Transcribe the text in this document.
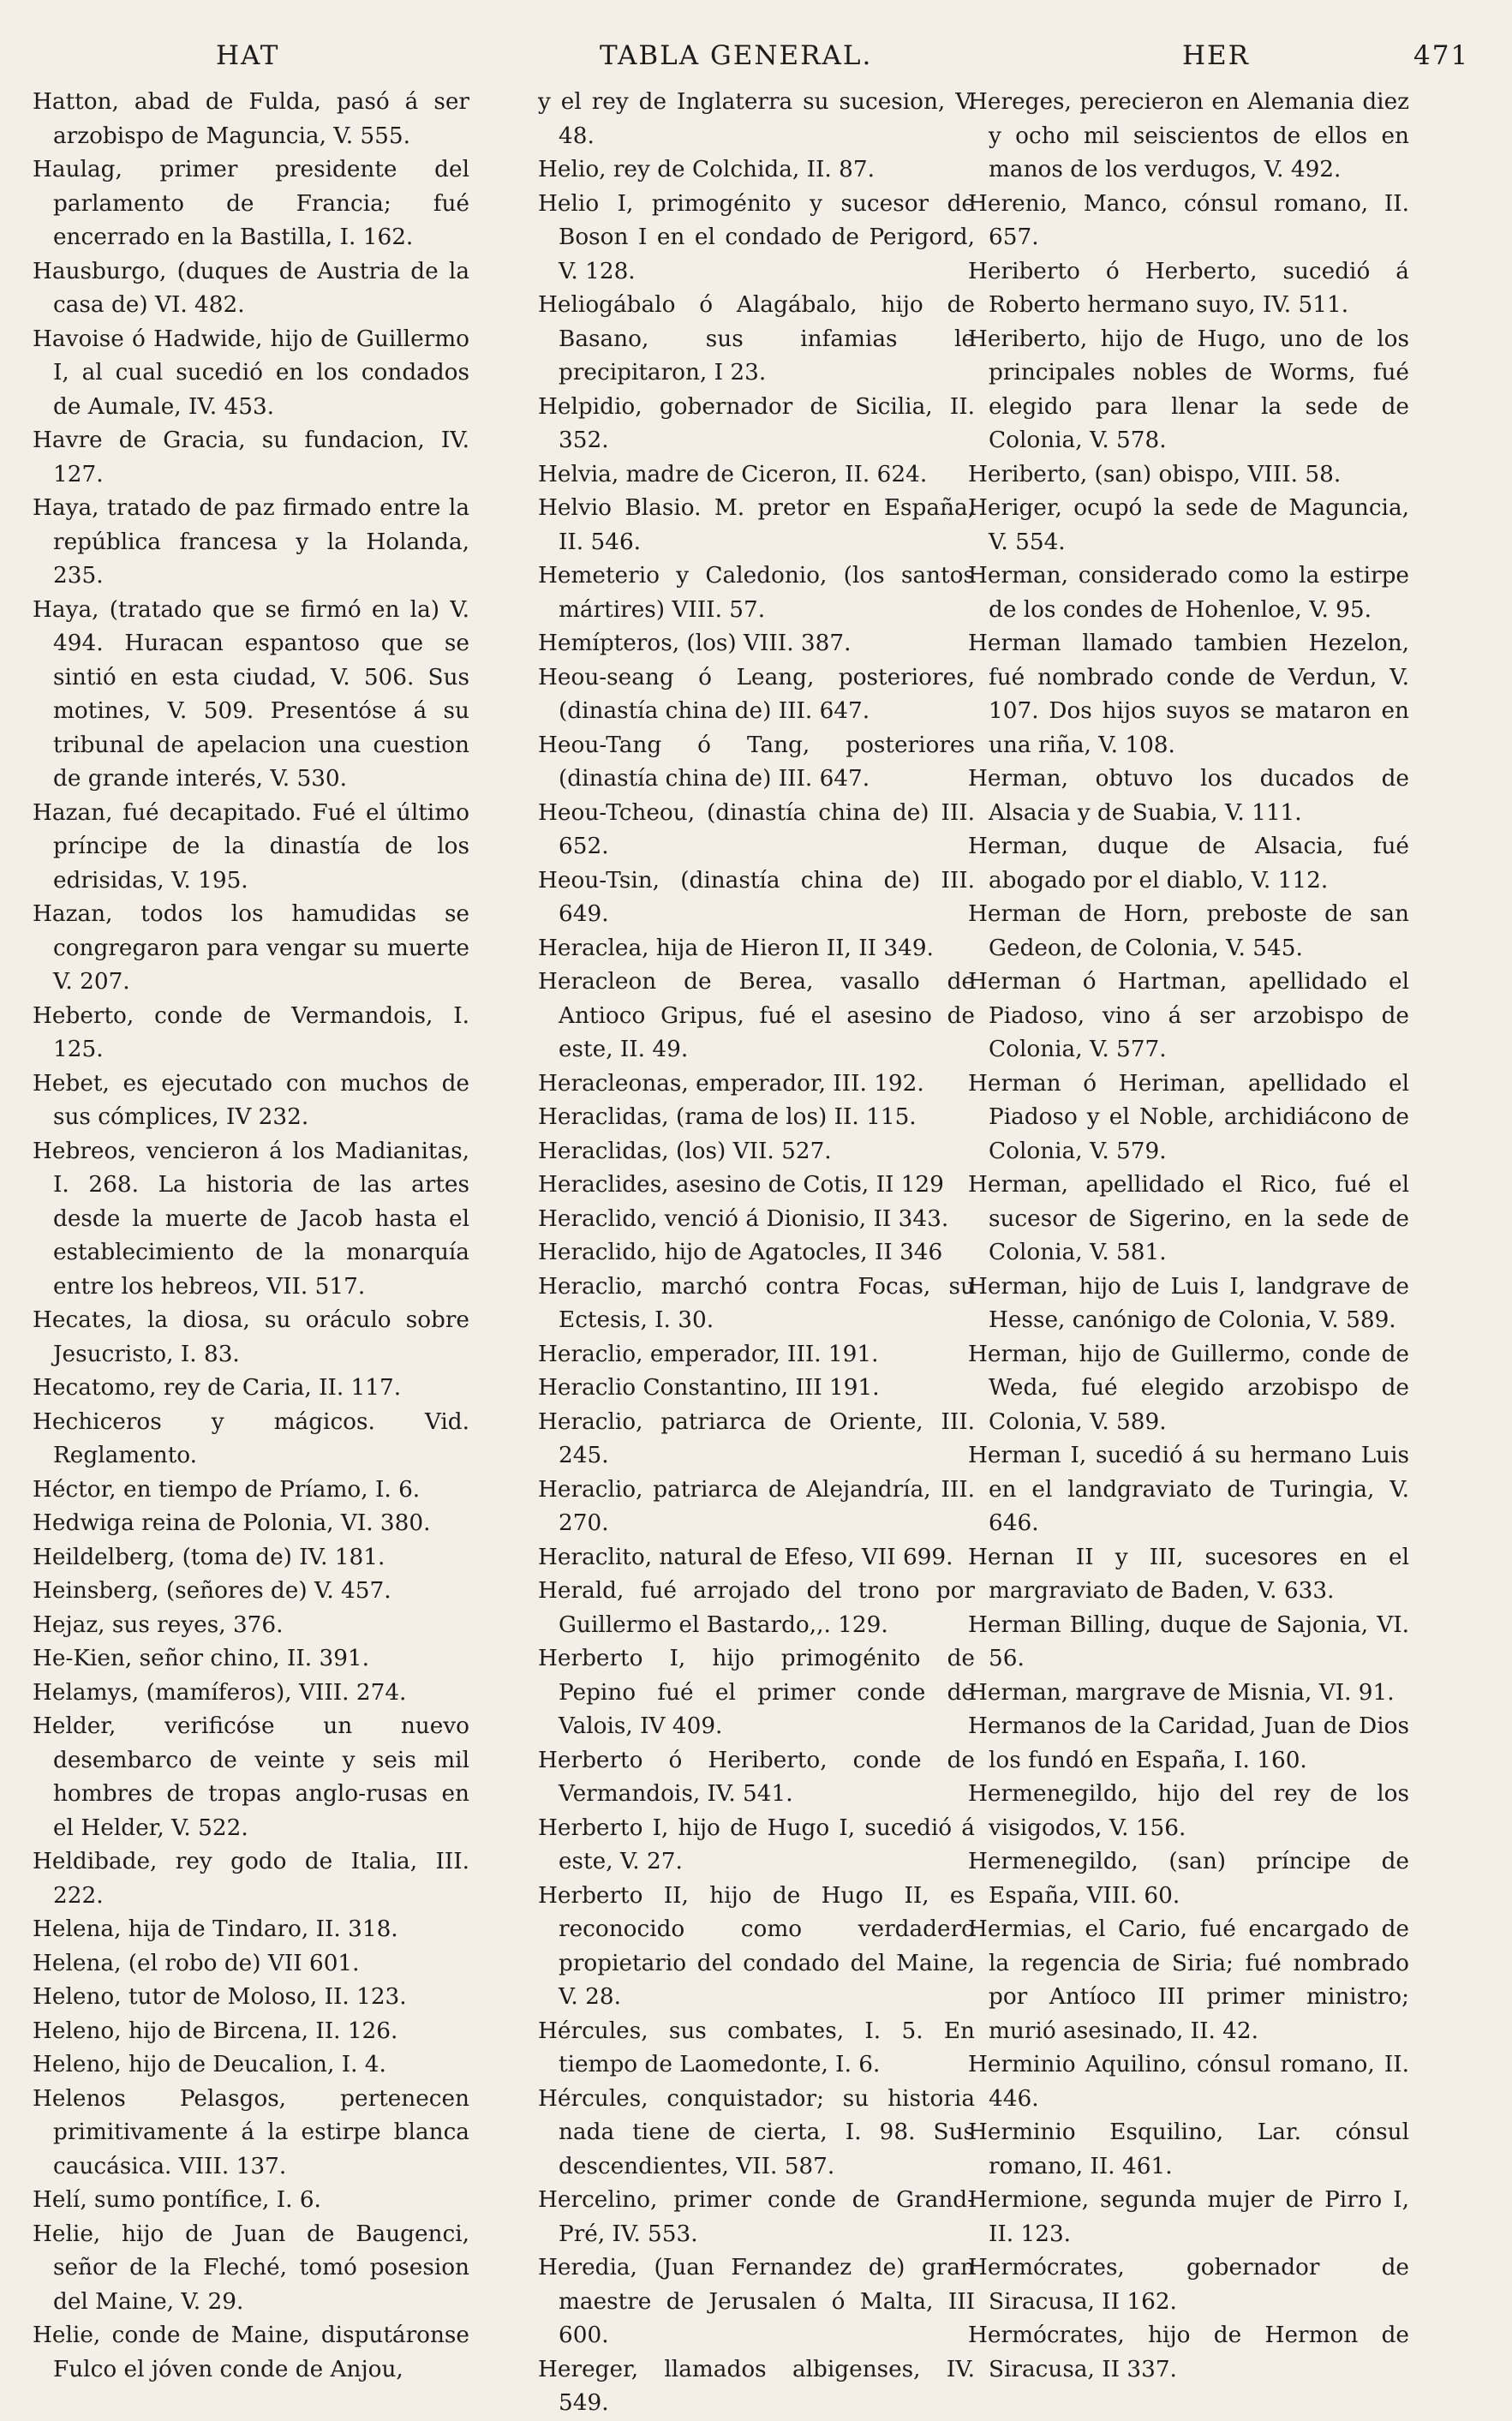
HAT	TABLA GENERAL.	HER	471

Hatton, abad de Fulda, pasó á ser arzobispo de Maguncia, V. 555.

Haulag, primer presidente del parlamento de Francia; fué encerrado en la Bastilla, I. 162.

Hausburgo, (duques de Austria de la casa de) VI. 482.

Havoise ó Hadwide, hijo de Guillermo I, al cual sucedió en los condados de Aumale, IV. 453.

Havre de Gracia, su fundacion, IV. 127.

Haya, tratado de paz firmado entre la república francesa y la Holanda, 235.

Haya, (tratado que se firmó en la) V. 494. Huracan espantoso que se sintió en esta ciudad, V. 506. Sus motines, V. 509. Presentóse á su tribunal de apelacion una cuestion de grande interés, V. 530.

Hazan, fué decapitado. Fué el último príncipe de la dinastía de los edrisidas, V. 195.

Hazan, todos los hamudidas se congregaron para vengar su muerte V. 207.

Heberto, conde de Vermandois, I. 125.

Hebet, es ejecutado con muchos de sus cómplices, IV 232.

Hebreos, vencieron á los Madianitas, I. 268. La historia de las artes desde la muerte de Jacob hasta el establecimiento de la monarquía entre los hebreos, VII. 517.

Hecates, la diosa, su oráculo sobre Jesucristo, I. 83.

Hecatomo, rey de Caria, II. 117.

Hechiceros y mágicos. Vid. Reglamento.

Héctor, en tiempo de Príamo, I. 6.

Hedwiga reina de Polonia, VI. 380.

Heildelberg, (toma de) IV. 181.

Heinsberg, (señores de) V. 457.

Hejaz, sus reyes, 376.

He-Kien, señor chino, II. 391.

Helamys, (mamíferos), VIII. 274.

Helder, verificóse un nuevo desembarco de veinte y seis mil hombres de tropas anglo-rusas en el Helder, V. 522.

Heldibade, rey godo de Italia, III. 222.

Helena, hija de Tindaro, II. 318.

Helena, (el robo de) VII 601.

Heleno, tutor de Moloso, II. 123.

Heleno, hijo de Bircena, II. 126.

Heleno, hijo de Deucalion, I. 4.

Helenos Pelasgos, pertenecen primitivamente á la estirpe blanca caucásica. VIII. 137.

Helí, sumo pontífice, I. 6.

Helie, hijo de Juan de Baugenci, señor de la Fleché, tomó posesion del Maine, V. 29.

Helie, conde de Maine, disputáronse Fulco el jóven conde de Anjou,

y el rey de Inglaterra su sucesion, V. 48.

Helio, rey de Colchida, II. 87.

Helio I, primogénito y sucesor de Boson I en el condado de Perigord, V. 128.

Heliogábalo ó Alagábalo, hijo de Basano, sus infamias le precipitaron, I 23.

Helpidio, gobernador de Sicilia, II. 352.

Helvia, madre de Ciceron, II. 624.

Helvio Blasio. M. pretor en España, II. 546.

Hemeterio y Caledonio, (los santos mártires) VIII. 57.

Hemípteros, (los) VIII. 387.

Heou-seang ó Leang, posteriores, (dinastía china de) III. 647.

Heou-Tang ó Tang, posteriores (dinastía china de) III. 647.

Heou-Tcheou, (dinastía china de) III. 652.

Heou-Tsin, (dinastía china de) III. 649.

Heraclea, hija de Hieron II, II 349.

Heracleon de Berea, vasallo de Antioco Gripus, fué el asesino de este, II. 49.

Heracleonas, emperador, III. 192.

Heraclidas, (rama de los) II. 115.

Heraclidas, (los) VII. 527.

Heraclides, asesino de Cotis, II 129

Heraclido, venció á Dionisio, II 343.

Heraclido, hijo de Agatocles, II 346

Heraclio, marchó contra Focas, su Ectesis, I. 30.

Heraclio, emperador, III. 191.

Heraclio Constantino, III 191.

Heraclio, patriarca de Oriente, III. 245.

Heraclio, patriarca de Alejandría, III. 270.

Heraclito, natural de Efeso, VII 699.

Herald, fué arrojado del trono por Guillermo el Bastardo,,. 129.

Herberto I, hijo primogénito de Pepino fué el primer conde de Valois, IV 409.

Herberto ó Heriberto, conde de Vermandois, IV. 541.

Herberto I, hijo de Hugo I, sucedió á este, V. 27.

Herberto II, hijo de Hugo II, es reconocido como verdadero propietario del condado del Maine, V. 28.

Hércules, sus combates, I. 5. En tiempo de Laomedonte, I. 6.

Hércules, conquistador; su historia nada tiene de cierta, I. 98. Sus descendientes, VII. 587.

Hercelino, primer conde de Grand-Pré, IV. 553.

Heredia, (Juan Fernandez de) gran maestre de Jerusalen ó Malta, III 600.

Hereger, llamados albigenses, IV. 549.

Hereges, perecieron en Alemania diez y ocho mil seiscientos de ellos en manos de los verdugos, V. 492.

Herenio, Manco, cónsul romano, II. 657.

Heriberto ó Herberto, sucedió á Roberto hermano suyo, IV. 511.

Heriberto, hijo de Hugo, uno de los principales nobles de Worms, fué elegido para llenar la sede de Colonia, V. 578.

Heriberto, (san) obispo, VIII. 58.

Heriger, ocupó la sede de Maguncia, V. 554.

Herman, considerado como la estirpe de los condes de Hohenloe, V. 95.

Herman llamado tambien Hezelon, fué nombrado conde de Verdun, V. 107. Dos hijos suyos se mataron en una riña, V. 108.

Herman, obtuvo los ducados de Alsacia y de Suabia, V. 111.

Herman, duque de Alsacia, fué abogado por el diablo, V. 112.

Herman de Horn, preboste de san Gedeon, de Colonia, V. 545.

Herman ó Hartman, apellidado el Piadoso, vino á ser arzobispo de Colonia, V. 577.

Herman ó Heriman, apellidado el Piadoso y el Noble, archidiácono de Colonia, V. 579.

Herman, apellidado el Rico, fué el sucesor de Sigerino, en la sede de Colonia, V. 581.

Herman, hijo de Luis I, landgrave de Hesse, canónigo de Colonia, V. 589.

Herman, hijo de Guillermo, conde de Weda, fué elegido arzobispo de Colonia, V. 589.

Herman I, sucedió á su hermano Luis en el landgraviato de Turingia, V. 646.

Hernan II y III, sucesores en el margraviato de Baden, V. 633.

Herman Billing, duque de Sajonia, VI. 56.

Herman, margrave de Misnia, VI. 91.

Hermanos de la Caridad, Juan de Dios los fundó en España, I. 160.

Hermenegildo, hijo del rey de los visigodos, V. 156.

Hermenegildo, (san) príncipe de España, VIII. 60.

Hermias, el Cario, fué encargado de la regencia de Siria; fué nombrado por Antíoco III primer ministro; murió asesinado, II. 42.

Herminio Aquilino, cónsul romano, II. 446.

Herminio Esquilino, Lar. cónsul romano, II. 461.

Hermione, segunda mujer de Pirro I, II. 123.

Hermócrates, gobernador de Siracusa, II 162.

Hermócrates, hijo de Hermon de Siracusa, II 337.
